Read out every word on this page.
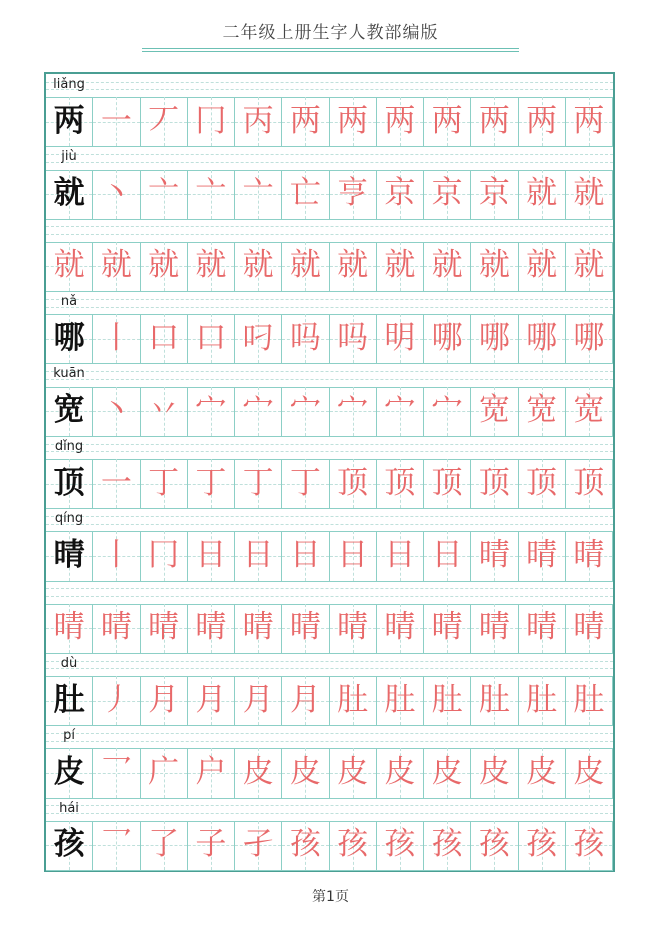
二年级上册生字人教部编版
liǎng
两 一 丆 冂 丙 两 两 两 两 两 两 两
jiù
就 丶 亠 亠 亠 亡 亨 京 京 京 就 就
就 就 就 就 就 就 就 就 就 就 就 就
nǎ
哪 丨 口 口 叼 吗 吗 明 哪 哪 哪 哪
kuān
宽 丶 丷 宀 宀 宀 宀 宀 宀 宽 宽 宽
dǐng
顶 一 丁 丁 丁 丁 顶 顶 顶 顶 顶 顶
qíng
晴 丨 冂 日 日 日 日 日 日 晴 晴 晴
晴 晴 晴 晴 晴 晴 晴 晴 晴 晴 晴 晴
dù
肚 丿 月 月 月 月 肚 肚 肚 肚 肚 肚
pí
皮 乛 广 户 皮 皮 皮 皮 皮 皮 皮 皮
hái
孩 乛 了 子 孑 孩 孩 孩 孩 孩 孩 孩
第1页
